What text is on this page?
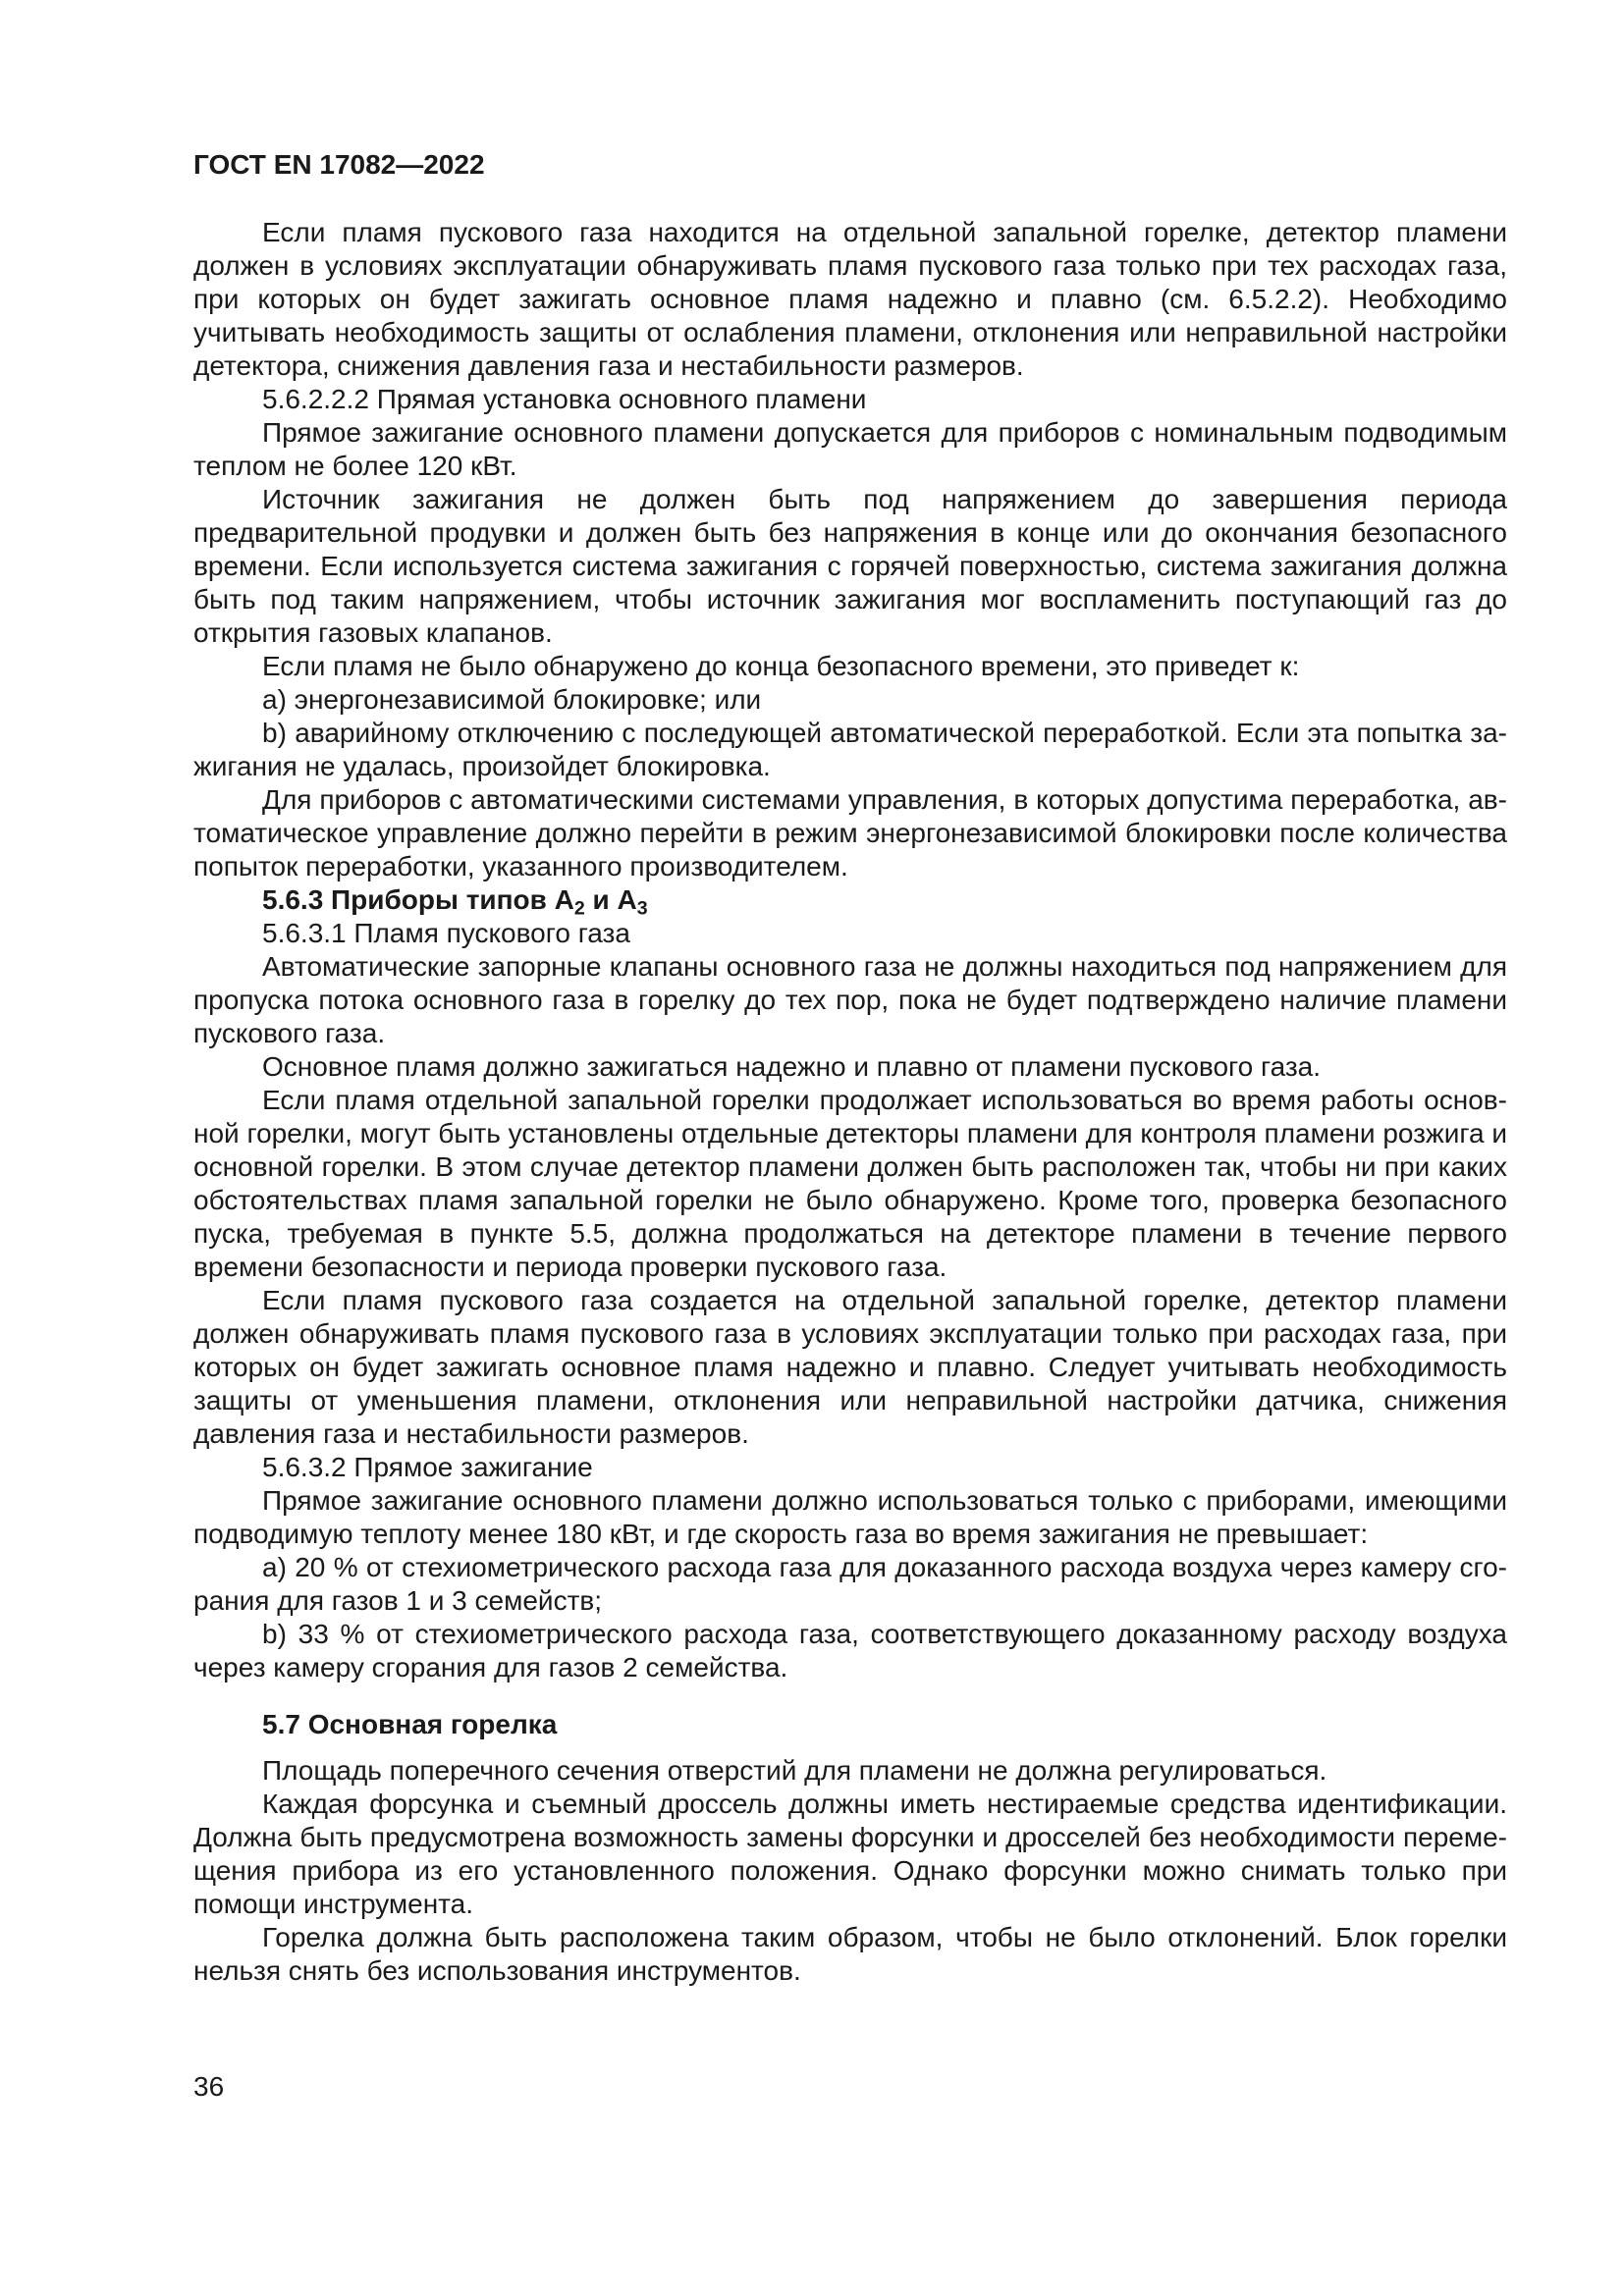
ГОСТ EN 17082—2022

Если пламя пускового газа находится на отдельной запальной горелке, детектор пламени должен в условиях эксплуатации обнаруживать пламя пускового газа только при тех расходах газа, при которых он будет зажигать основное пламя надежно и плавно (см. 6.5.2.2). Необходимо учитывать необходимость защиты от ослабления пламени, отклонения или неправильной настройки детектора, снижения давления газа и нестабильности размеров.

5.6.2.2.2 Прямая установка основного пламени

Прямое зажигание основного пламени допускается для приборов с номинальным подводимым теплом не более 120 кВт.

Источник зажигания не должен быть под напряжением до завершения периода предварительной продувки и должен быть без напряжения в конце или до окончания безопасного времени. Если используется система зажигания с горячей поверхностью, система зажигания должна быть под таким напряжением, чтобы источник зажигания мог воспламенить поступающий газ до открытия газовых клапанов.

Если пламя не было обнаружено до конца безопасного времени, это приведет к:

a) энергонезависимой блокировке; или

b) аварийному отключению с последующей автоматической переработкой. Если эта попытка зажигания не удалась, произойдет блокировка.

Для приборов с автоматическими системами управления, в которых допустима переработка, автоматическое управление должно перейти в режим энергонезависимой блокировки после количества попыток переработки, указанного производителем.

5.6.3 Приборы типов $A_2$ и $A_3$

5.6.3.1 Пламя пускового газа

Автоматические запорные клапаны основного газа не должны находиться под напряжением для пропуска потока основного газа в горелку до тех пор, пока не будет подтверждено наличие пламени пускового газа.

Основное пламя должно зажигаться надежно и плавно от пламени пускового газа.

Если пламя отдельной запальной горелки продолжает использоваться во время работы основной горелки, могут быть установлены отдельные детекторы пламени для контроля пламени розжига и основной горелки. В этом случае детектор пламени должен быть расположен так, чтобы ни при каких обстоятельствах пламя запальной горелки не было обнаружено. Кроме того, проверка безопасного пуска, требуемая в пункте 5.5, должна продолжаться на детекторе пламени в течение первого времени безопасности и периода проверки пускового газа.

Если пламя пускового газа создается на отдельной запальной горелке, детектор пламени должен обнаруживать пламя пускового газа в условиях эксплуатации только при расходах газа, при которых он будет зажигать основное пламя надежно и плавно. Следует учитывать необходимость защиты от уменьшения пламени, отклонения или неправильной настройки датчика, снижения давления газа и нестабильности размеров.

5.6.3.2 Прямое зажигание

Прямое зажигание основного пламени должно использоваться только с приборами, имеющими подводимую теплоту менее 180 кВт, и где скорость газа во время зажигания не превышает:

a) 20 % от стехиометрического расхода газа для доказанного расхода воздуха через камеру сгорания для газов 1 и 3 семейств;

b) 33 % от стехиометрического расхода газа, соответствующего доказанному расходу воздуха через камеру сгорания для газов 2 семейства.

5.7 Основная горелка

Площадь поперечного сечения отверстий для пламени не должна регулироваться.

Каждая форсунка и съемный дроссель должны иметь нестираемые средства идентификации. Должна быть предусмотрена возможность замены форсунки и дросселей без необходимости перемещения прибора из его установленного положения. Однако форсунки можно снимать только при помощи инструмента.

Горелка должна быть расположена таким образом, чтобы не было отклонений. Блок горелки нельзя снять без использования инструментов.

36
